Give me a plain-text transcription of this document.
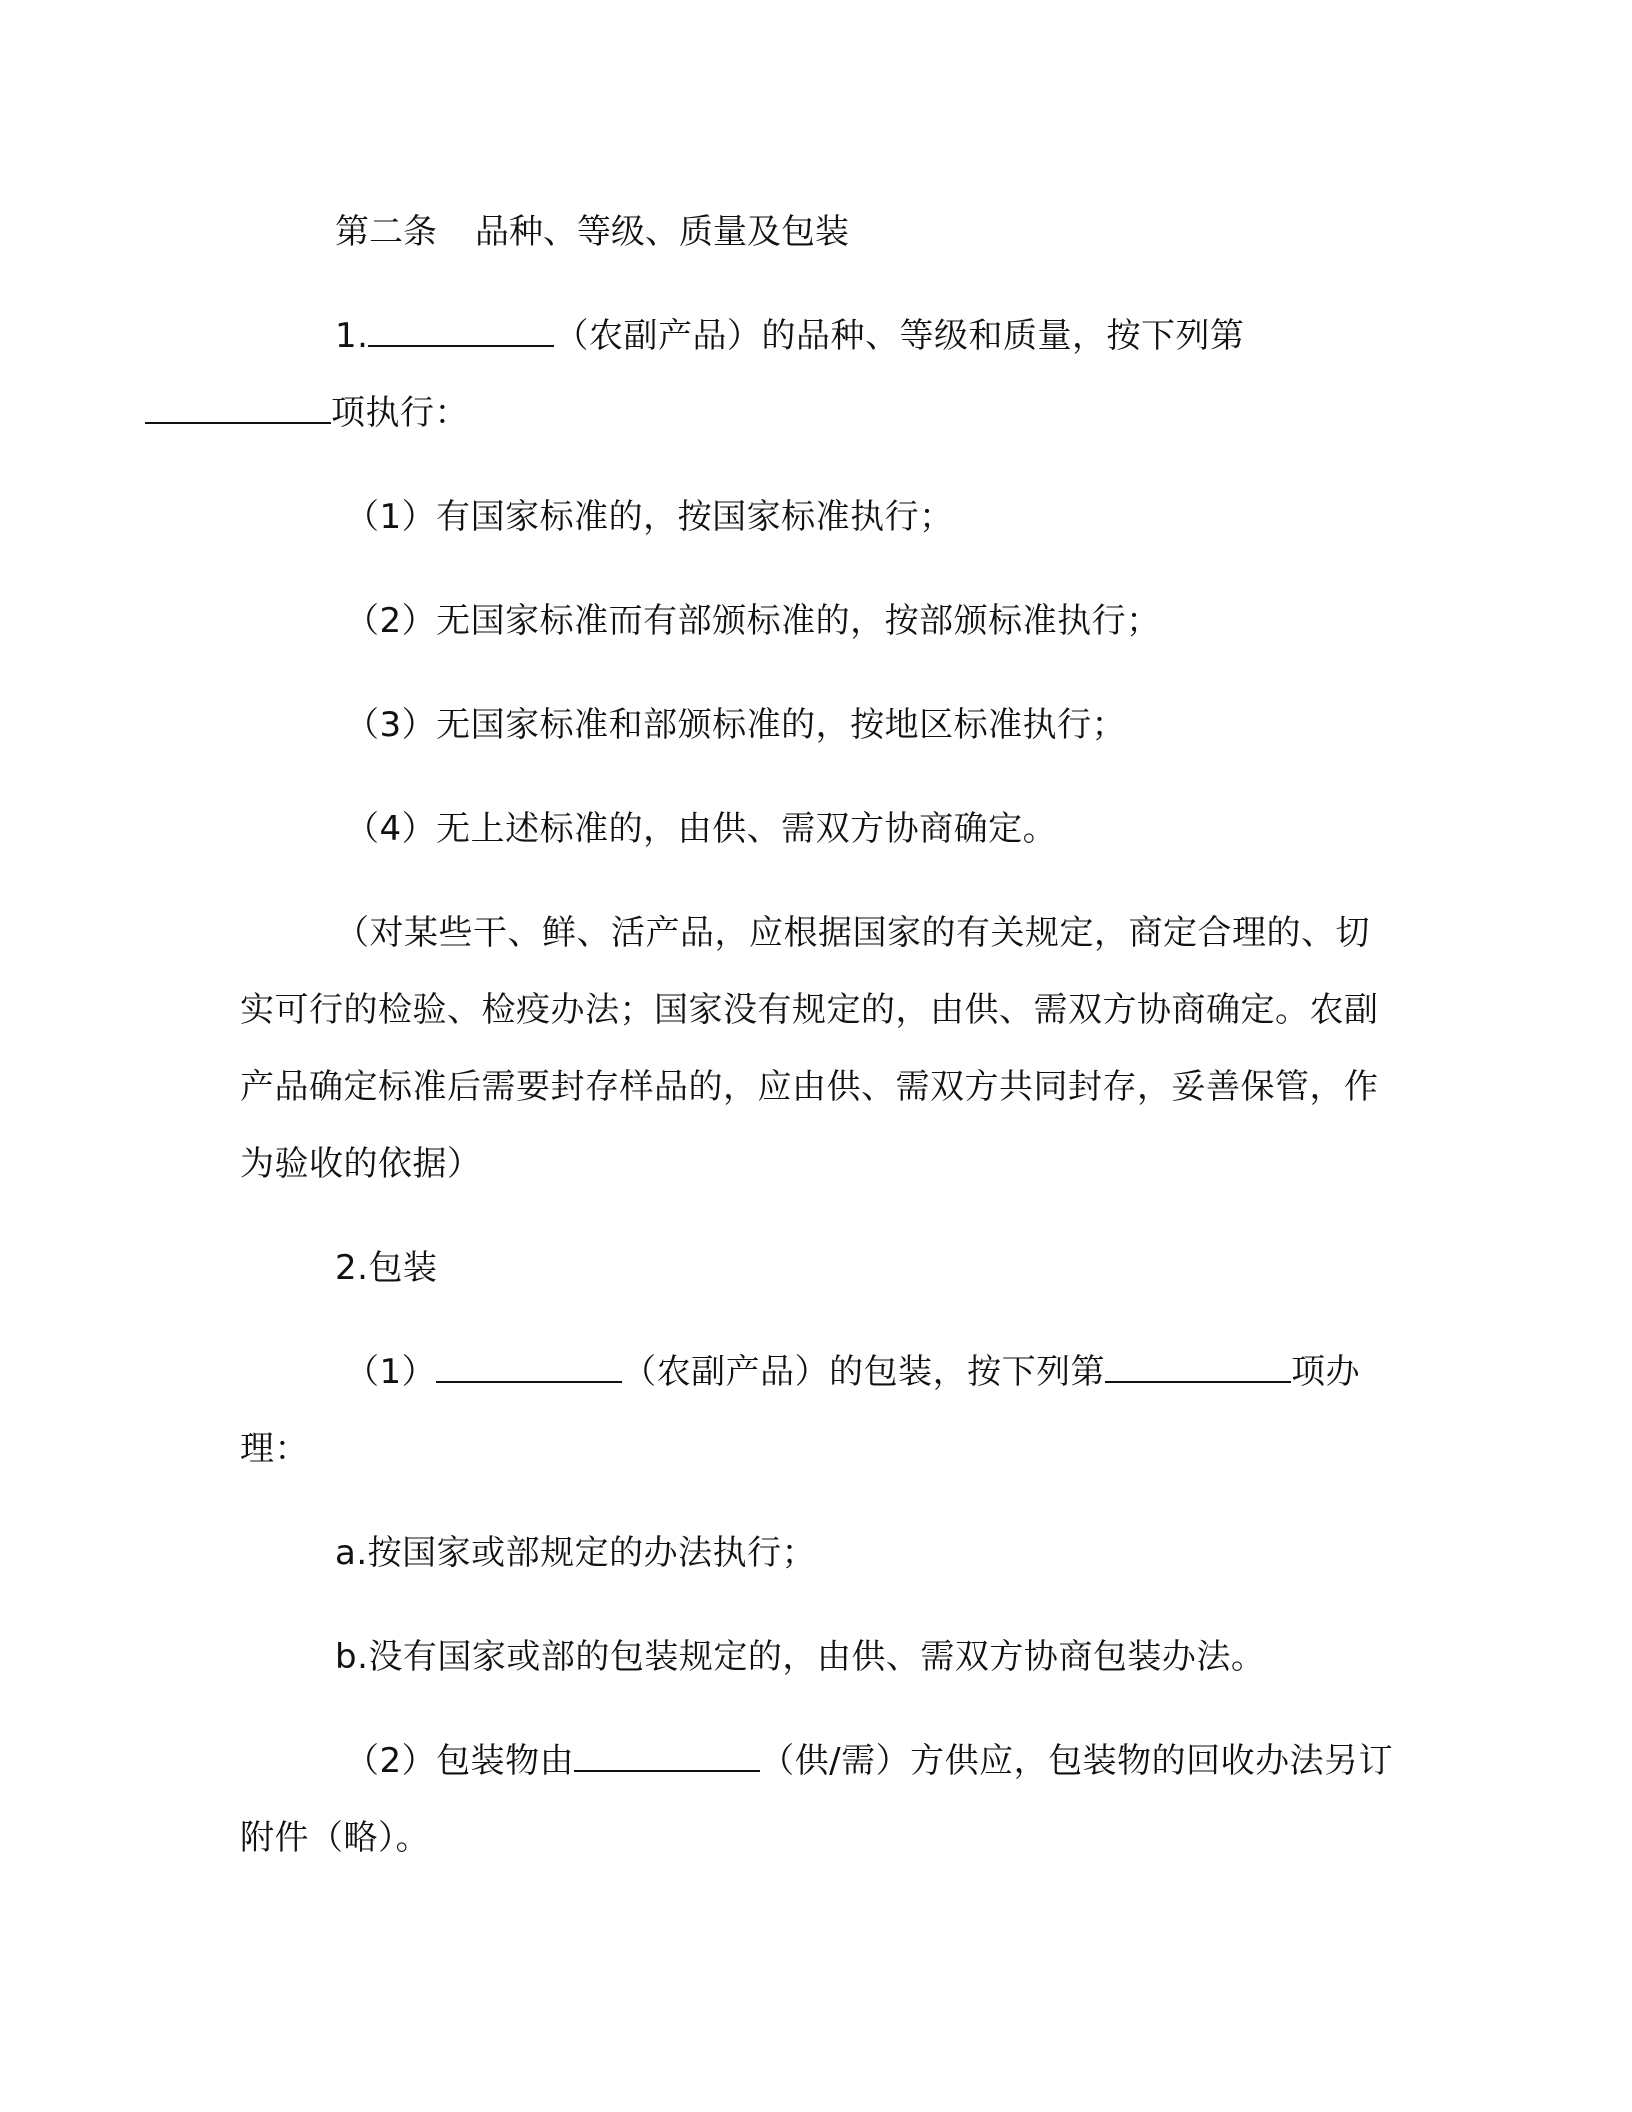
第二条 品种、等级、质量及包装

1.	（农副产品）的品种、等级和质量，按下列第
项执行：

（1）有国家标准的，按国家标准执行；

（2）无国家标准而有部颁标准的，按部颁标准执行；

（3）无国家标准和部颁标准的，按地区标准执行；

（4）无上述标准的，由供、需双方协商确定。

（对某些干、鲜、活产品，应根据国家的有关规定，商定合理的、切实可行的检验、检疫办法；国家没有规定的，由供、需双方协商确定。农副产品确定标准后需要封存样品的，应由供、需双方共同封存，妥善保管，作为验收的依据）

2.包装

（1）	（农副产品）的包装，按下列第	项办理：

a.按国家或部规定的办法执行；

b.没有国家或部的包装规定的，由供、需双方协商包装办法。

（2）包装物由	（供/需）方供应，包装物的回收办法另订附件（略）。
